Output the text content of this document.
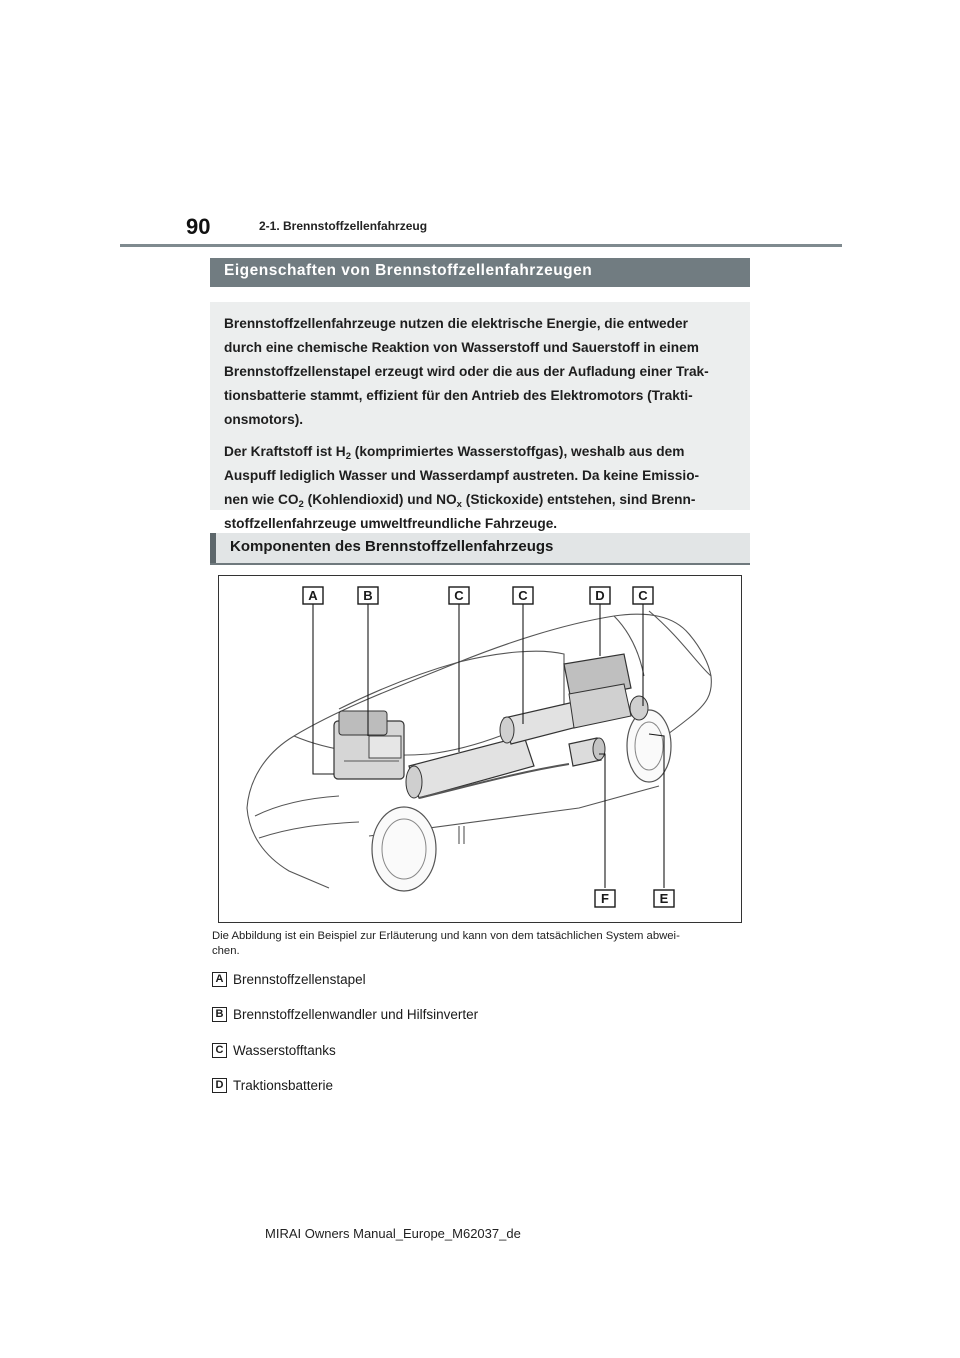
90	2-1. Brennstoffzellenfahrzeug
Eigenschaften von Brennstoffzellenfahrzeugen

Brennstoffzellenfahrzeuge nutzen die elektrische Energie, die entweder
durch eine chemische Reaktion von Wasserstoff und Sauerstoff in einem
Brennstoffzellenstapel erzeugt wird oder die aus der Aufladung einer Trak-
tionsbatterie stammt, effizient für den Antrieb des Elektromotors (Trakti-
onsmotors).

Der Kraftstoff ist $H_2$ (komprimiertes Wasserstoffgas), weshalb aus dem
Auspuff lediglich Wasser und Wasserdampf austreten. Da keine Emissio-
nen wie $CO_2$ (Kohlendioxid) und $NO_x$ (Stickoxide) entstehen, sind Brenn-
stoffzellenfahrzeuge umweltfreundliche Fahrzeuge.

Komponenten des Brennstoffzellenfahrzeugs
A	B	C	C	D	C
F	E
Die Abbildung ist ein Beispiel zur Erläuterung und kann von dem tatsächlichen System abwei-
chen.
A Brennstoffzellenstapel
B Brennstoffzellenwandler und Hilfsinverter
C Wasserstofftanks
D Traktionsbatterie
MIRAI Owners Manual_Europe_M62037_de
